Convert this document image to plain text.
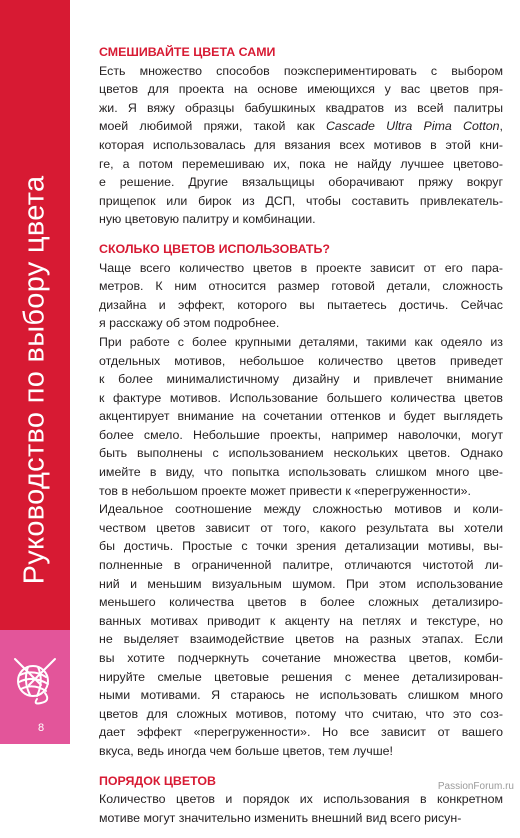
Руководство по выбору цвета
8
СМЕШИВАЙТЕ ЦВЕТА САМИ
Есть множество способов поэкспериментировать с выбором
цветов для проекта на основе имеющихся у вас цветов пря-
жи. Я вяжу образцы бабушкиных квадратов из всей палитры
моей любимой пряжи, такой как Cascade Ultra Pima Cotton,
которая использовалась для вязания всех мотивов в этой кни-
ге, а потом перемешиваю их, пока не найду лучшее цветово-
е решение. Другие вязальщицы оборачивают пряжу вокруг
прищепок или бирок из ДСП, чтобы составить привлекатель-
ную цветовую палитру и комбинации.
СКОЛЬКО ЦВЕТОВ ИСПОЛЬЗОВАТЬ?
Чаще всего количество цветов в проекте зависит от его пара-
метров. К ним относится размер готовой детали, сложность
дизайна и эффект, которого вы пытаетесь достичь. Сейчас
я расскажу об этом подробнее.
При работе с более крупными деталями, такими как одеяло из
отдельных мотивов, небольшое количество цветов приведет
к более минималистичному дизайну и привлечет внимание
к фактуре мотивов. Использование большего количества цветов
акцентирует внимание на сочетании оттенков и будет выглядеть
более смело. Небольшие проекты, например наволочки, могут
быть выполнены с использованием нескольких цветов. Однако
имейте в виду, что попытка использовать слишком много цве-
тов в небольшом проекте может привести к «перегруженности».
Идеальное соотношение между сложностью мотивов и коли-
чеством цветов зависит от того, какого результата вы хотели
бы достичь. Простые с точки зрения детализации мотивы, вы-
полненные в ограниченной палитре, отличаются чистотой ли-
ний и меньшим визуальным шумом. При этом использование
меньшего количества цветов в более сложных детализиро-
ванных мотивах приводит к акценту на петлях и текстуре, но
не выделяет взаимодействие цветов на разных этапах. Если
вы хотите подчеркнуть сочетание множества цветов, комби-
нируйте смелые цветовые решения с менее детализирован-
ными мотивами. Я стараюсь не использовать слишком много
цветов для сложных мотивов, потому что считаю, что это соз-
дает эффект «перегруженности». Но все зависит от вашего
вкуса, ведь иногда чем больше цветов, тем лучше!
ПОРЯДОК ЦВЕТОВ
Количество цветов и порядок их использования в конкретном
мотиве могут значительно изменить внешний вид всего рисун-
PassionForum.ru
